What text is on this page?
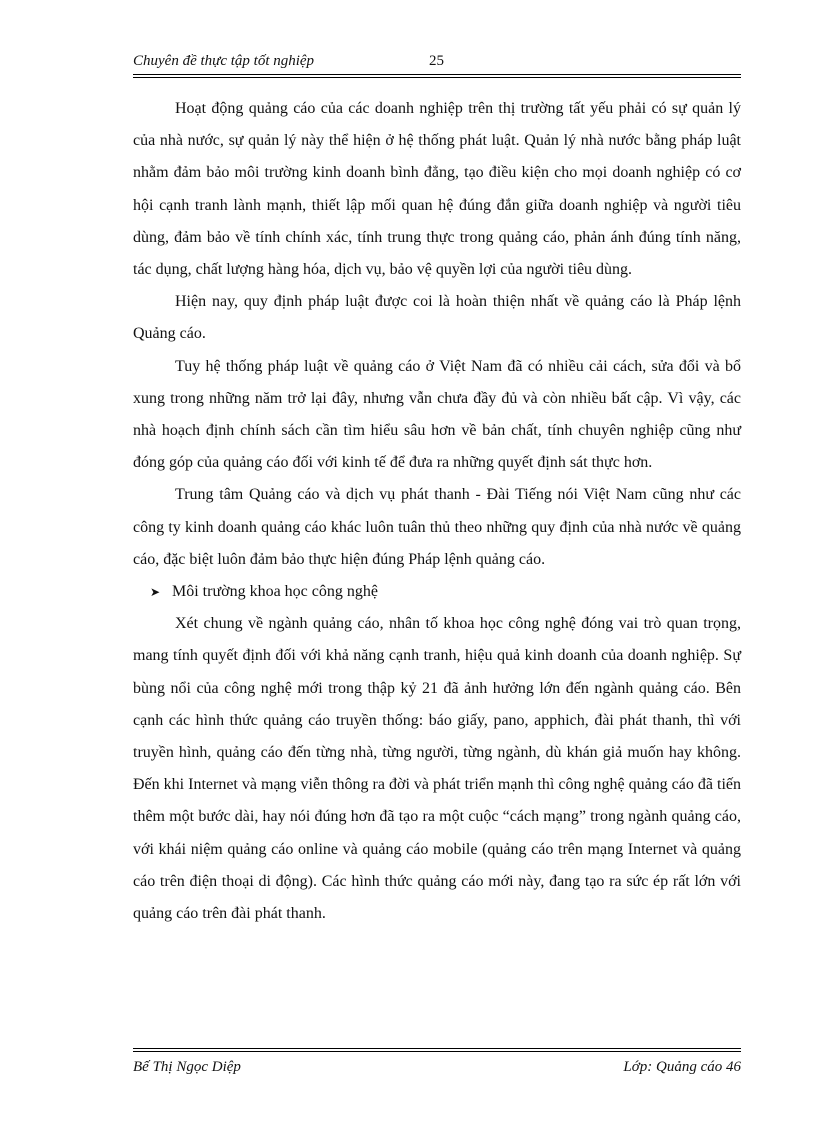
Chuyên đề thực tập tốt nghiệp	25

Hoạt động quảng cáo của các doanh nghiệp trên thị trường tất yếu phải có sự quản lý của nhà nước, sự quản lý này thể hiện ở hệ thống phát luật. Quản lý nhà nước bằng pháp luật nhằm đảm bảo môi trường kinh doanh bình đẳng, tạo điều kiện cho mọi doanh nghiệp có cơ hội cạnh tranh lành mạnh, thiết lập mối quan hệ đúng đắn giữa doanh nghiệp và người tiêu dùng, đảm bảo về tính chính xác, tính trung thực trong quảng cáo, phản ánh đúng tính năng, tác dụng, chất lượng hàng hóa, dịch vụ, bảo vệ quyền lợi của người tiêu dùng.

Hiện nay, quy định pháp luật được coi là hoàn thiện nhất về quảng cáo là Pháp lệnh Quảng cáo.

Tuy hệ thống pháp luật về quảng cáo ở Việt Nam đã có nhiều cải cách, sửa đổi và bổ xung trong những năm trở lại đây, nhưng vẫn chưa đầy đủ và còn nhiều bất cập. Vì vậy, các nhà hoạch định chính sách cần tìm hiểu sâu hơn về bản chất, tính chuyên nghiệp cũng như đóng góp của quảng cáo đối với kinh tế để đưa ra những quyết định sát thực hơn.

Trung tâm Quảng cáo và dịch vụ phát thanh - Đài Tiếng nói Việt Nam cũng như các công ty kinh doanh quảng cáo khác luôn tuân thủ theo những quy định của nhà nước về quảng cáo, đặc biệt luôn đảm bảo thực hiện đúng Pháp lệnh quảng cáo.

➤ Môi trường khoa học công nghệ

Xét chung về ngành quảng cáo, nhân tố khoa học công nghệ đóng vai trò quan trọng, mang tính quyết định đối với khả năng cạnh tranh, hiệu quả kinh doanh của doanh nghiệp. Sự bùng nổi của công nghệ mới trong thập kỷ 21 đã ảnh hưởng lớn đến ngành quảng cáo. Bên cạnh các hình thức quảng cáo truyền thống: báo giấy, pano, apphich, đài phát thanh, thì với truyền hình, quảng cáo đến từng nhà, từng người, từng ngành, dù khán giả muốn hay không. Đến khi Internet và mạng viễn thông ra đời và phát triển mạnh thì công nghệ quảng cáo đã tiến thêm một bước dài, hay nói đúng hơn đã tạo ra một cuộc “cách mạng” trong ngành quảng cáo, với khái niệm quảng cáo online và quảng cáo mobile (quảng cáo trên mạng Internet và quảng cáo trên điện thoại di động). Các hình thức quảng cáo mới này, đang tạo ra sức ép rất lớn với quảng cáo trên đài phát thanh.

Bế Thị Ngọc Diệp	Lớp: Quảng cáo 46
